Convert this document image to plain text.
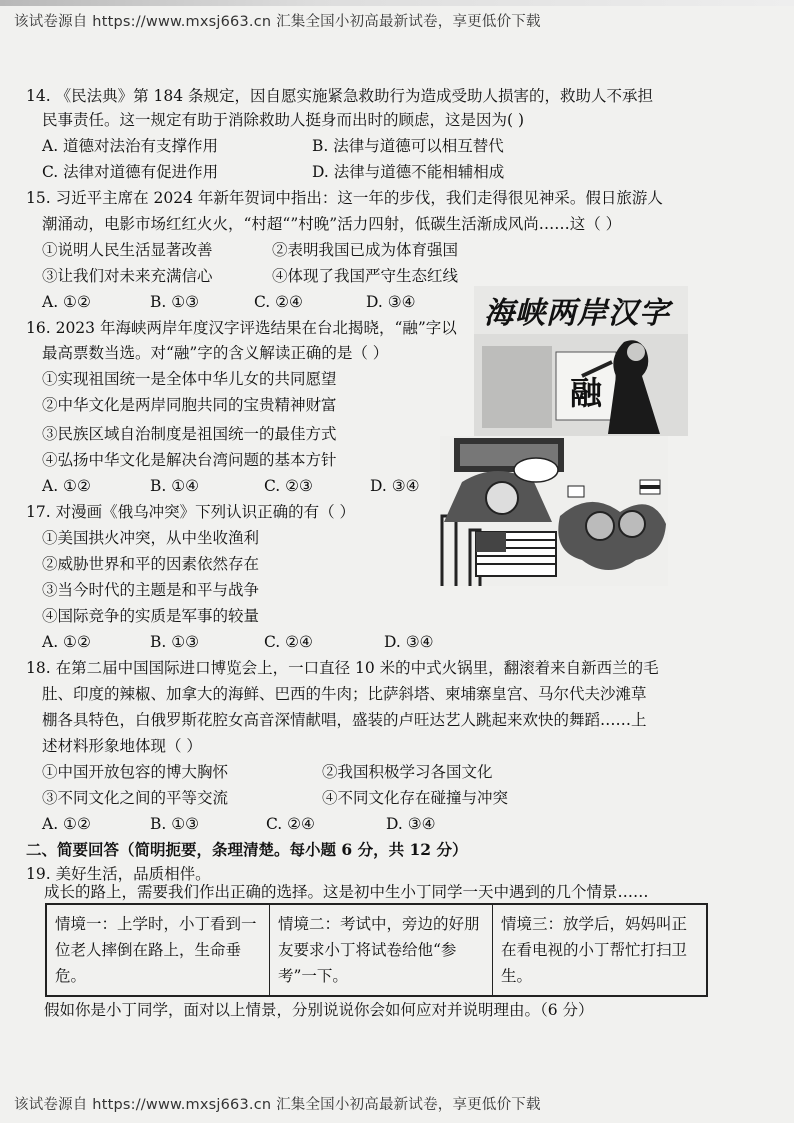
该试卷源自 https://www.mxsj663.cn 汇集全国小初高最新试卷，享更低价下载
14. 《民法典》第 184 条规定，因自愿实施紧急救助行为造成受助人损害的，救助人不承担
民事责任。这一规定有助于消除救助人挺身而出时的顾虑，这是因为( )
A. 道德对法治有支撑作用	B. 法律与道德可以相互替代
C. 法律对道德有促进作用	D. 法律与道德不能相辅相成
15. 习近平主席在 2024 年新年贺词中指出：这一年的步伐，我们走得很见神采。假日旅游人
潮涌动，电影市场红红火火，“村超“”村晚”活力四射，低碳生活渐成风尚……这（ ）
①说明人民生活显著改善	②表明我国已成为体育强国
③让我们对未来充满信心	④体现了我国严守生态红线
A. ①②	B. ①③	C. ②④	D. ③④
16. 2023 年海峡两岸年度汉字评选结果在台北揭晓，“融”字以
最高票数当选。对“融”字的含义解读正确的是（ ）
①实现祖国统一是全体中华儿女的共同愿望
②中华文化是两岸同胞共同的宝贵精神财富
③民族区域自治制度是祖国统一的最佳方式
④弘扬中华文化是解决台湾问题的基本方针
A. ①②	B. ①④	C. ②③	D. ③④
海峡两岸汉字
融
17. 对漫画《俄乌冲突》下列认识正确的有（ ）
①美国拱火冲突，从中坐收渔利
②威胁世界和平的因素依然存在
③当今时代的主题是和平与战争
④国际竞争的实质是军事的较量
A. ①②	B. ①③	C. ②④	D. ③④
18. 在第二届中国国际进口博览会上，一口直径 10 米的中式火锅里，翻滚着来自新西兰的毛
肚、印度的辣椒、加拿大的海鲜、巴西的牛肉；比萨斜塔、柬埔寨皇宫、马尔代夫沙滩草
棚各具特色，白俄罗斯花腔女高音深情献唱，盛装的卢旺达艺人跳起来欢快的舞蹈……上
述材料形象地体现（ ）
①中国开放包容的博大胸怀	②我国积极学习各国文化
③不同文化之间的平等交流	④不同文化存在碰撞与冲突
A. ①②	B. ①③	C. ②④	D. ③④
二、简要回答（简明扼要，条理清楚。每小题 6 分，共 12 分）
19. 美好生活，品质相伴。
成长的路上，需要我们作出正确的选择。这是初中生小丁同学一天中遇到的几个情景……
情境一：上学时，小丁看到一位老人摔倒在路上，生命垂危。	情境二：考试中，旁边的好朋友要求小丁将试卷给他“参考”一下。	情境三：放学后，妈妈叫正在看电视的小丁帮忙打扫卫生。
假如你是小丁同学，面对以上情景，分别说说你会如何应对并说明理由。（6 分）
该试卷源自 https://www.mxsj663.cn 汇集全国小初高最新试卷，享更低价下载
